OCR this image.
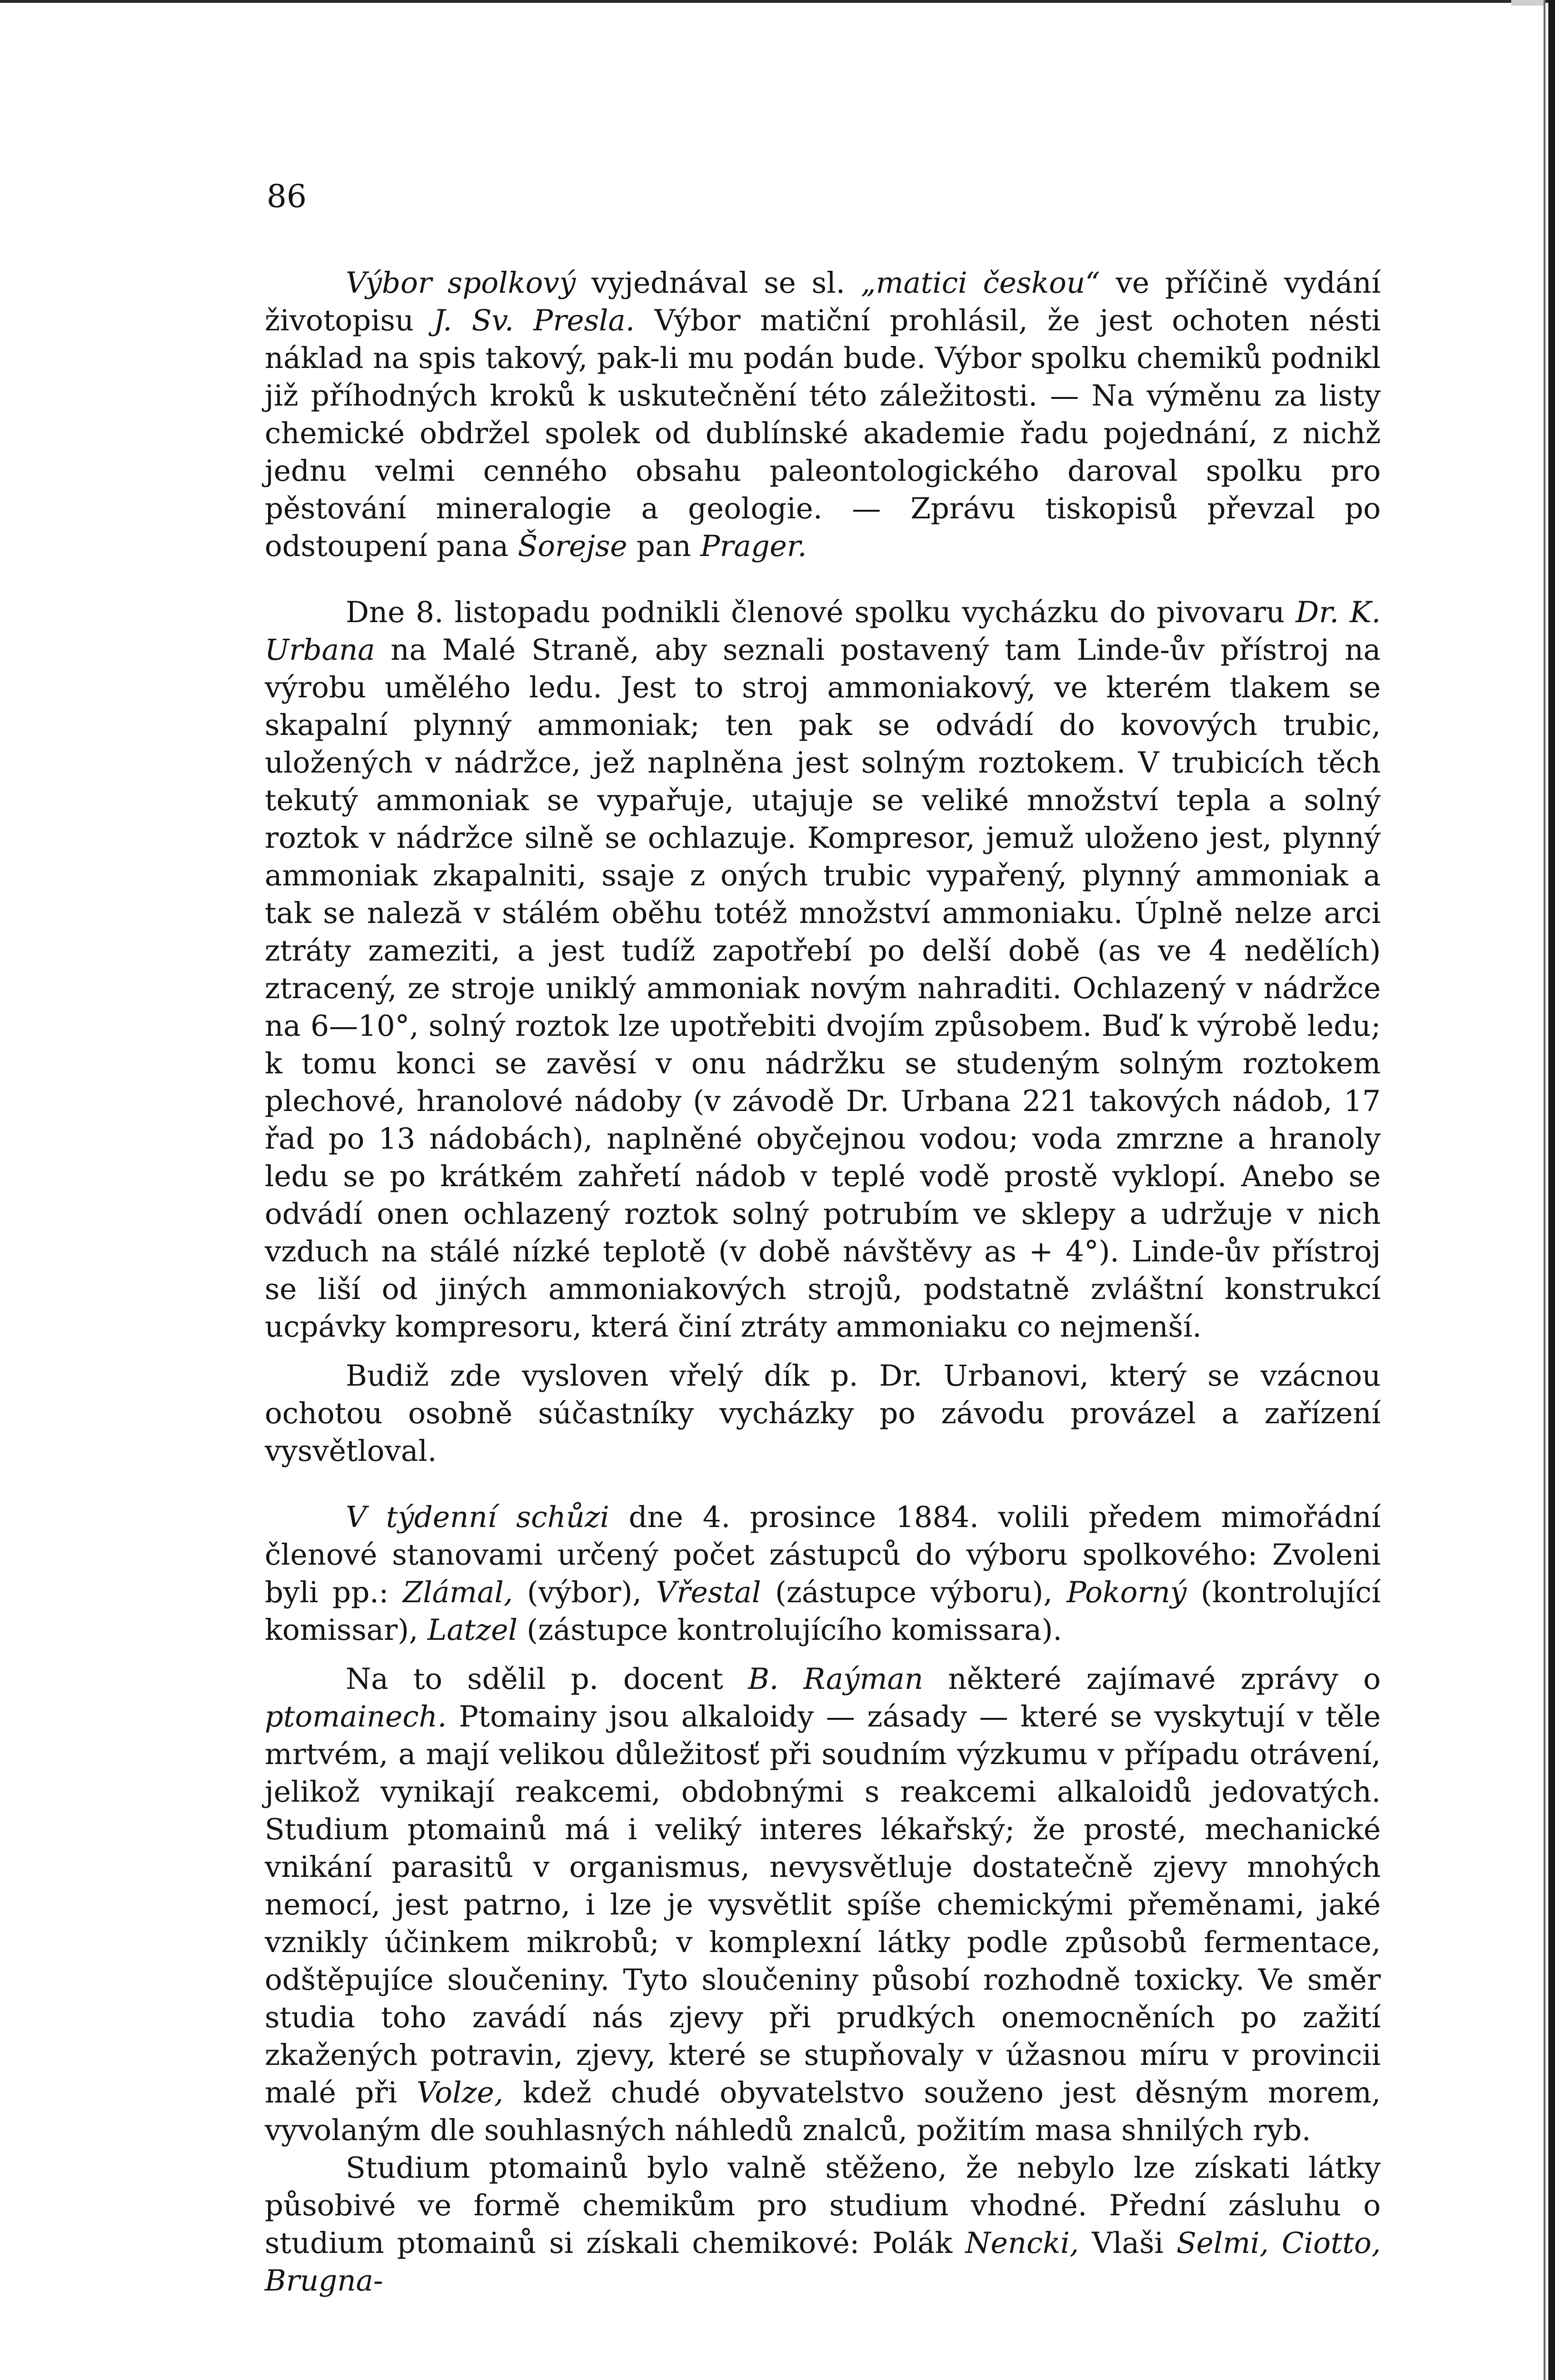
86

Výbor spolkový vyjednával se sl. „matici českou“ ve příčině vydání životopisu J. Sv. Presla. Výbor matiční prohlásil, že jest ochoten nésti náklad na spis takový, pak-li mu podán bude. Výbor spolku chemiků podnikl již příhodných kroků k uskutečnění této záležitosti. — Na výměnu za listy chemické obdržel spolek od dublínské akademie řadu pojednání, z nichž jednu velmi cenného obsahu paleontologického daroval spolku pro pěstování mineralogie a geologie. — Zprávu tiskopisů převzal po odstoupení pana Šorejse pan Prager.

Dne 8. listopadu podnikli členové spolku vycházku do pivovaru Dr. K. Urbana na Malé Straně, aby seznali postavený tam Linde-ův přístroj na výrobu umělého ledu. Jest to stroj ammoniakový, ve kterém tlakem se skapalní plynný ammoniak; ten pak se odvádí do kovových trubic, uložených v nádržce, jež naplněna jest solným roztokem. V trubicích těch tekutý ammoniak se vypařuje, utajuje se veliké množství tepla a solný roztok v nádržce silně se ochlazuje. Kompresor, jemuž uloženo jest, plynný ammoniak zkapalniti, ssaje z oných trubic vypařený, plynný ammoniak a tak se naleză v stálém oběhu totéž množství ammoniaku. Úplně nelze arci ztráty zameziti, a jest tudíž zapotřebí po delší době (as ve 4 nedělích) ztracený, ze stroje uniklý ammoniak novým nahraditi. Ochlazený v nádržce na 6—10°, solný roztok lze upotřebiti dvojím způsobem. Buď k výrobě ledu; k tomu konci se zavěsí v onu nádržku se studeným solným roztokem plechové, hranolové nádoby (v závodě Dr. Urbana 221 takových nádob, 17 řad po 13 nádobách), naplněné obyčejnou vodou; voda zmrzne a hranoly ledu se po krátkém zahřetí nádob v teplé vodě prostě vyklopí. Anebo se odvádí onen ochlazený roztok solný potrubím ve sklepy a udržuje v nich vzduch na stálé nízké teplotě (v době návštěvy as + 4°). Linde-ův přístroj se liší od jiných ammoniakových strojů, podstatně zvláštní konstrukcí ucpávky kompresoru, která činí ztráty ammoniaku co nejmenší.

Budiž zde vysloven vřelý dík p. Dr. Urbanovi, který se vzácnou ochotou osobně súčastníky vycházky po závodu provázel a zařízení vysvětloval.

V týdenní schůzi dne 4. prosince 1884. volili předem mimořádní členové stanovami určený počet zástupců do výboru spolkového: Zvoleni byli pp.: Zlámal, (výbor), Vřestal (zástupce výboru), Pokorný (kontrolující komissar), Latzel (zástupce kontrolujícího komissara).

Na to sdělil p. docent B. Raýman některé zajímavé zprávy o ptomainech. Ptomainy jsou alkaloidy — zásady — které se vyskytují v těle mrtvém, a mají velikou důležitosť při soudním výzkumu v případu otrávení, jelikož vynikají reakcemi, obdobnými s reakcemi alkaloidů jedovatých. Studium ptomainů má i veliký interes lékařský; že prosté, mechanické vnikání parasitů v organismus, nevysvětluje dostatečně zjevy mnohých nemocí, jest patrno, i lze je vysvětlit spíše chemickými přeměnami, jaké vznikly účinkem mikrobů; v komplexní látky podle způsobů fermentace, odštěpujíce sloučeniny. Tyto sloučeniny působí rozhodně toxicky. Ve směr studia toho zavádí nás zjevy při prudkých onemocněních po zažití zkažených potravin, zjevy, které se stupňovaly v úžasnou míru v provincii malé při Volze, kdež chudé obyvatelstvo souženo jest děsným morem, vyvolaným dle souhlasných náhledů znalců, požitím masa shnilých ryb.

Studium ptomainů bylo valně stěženo, že nebylo lze získati látky působivé ve formě chemikům pro studium vhodné. Přední zásluhu o studium ptomainů si získali chemikové: Polák Nencki, Vlaši Selmi, Ciotto, Brugna-
